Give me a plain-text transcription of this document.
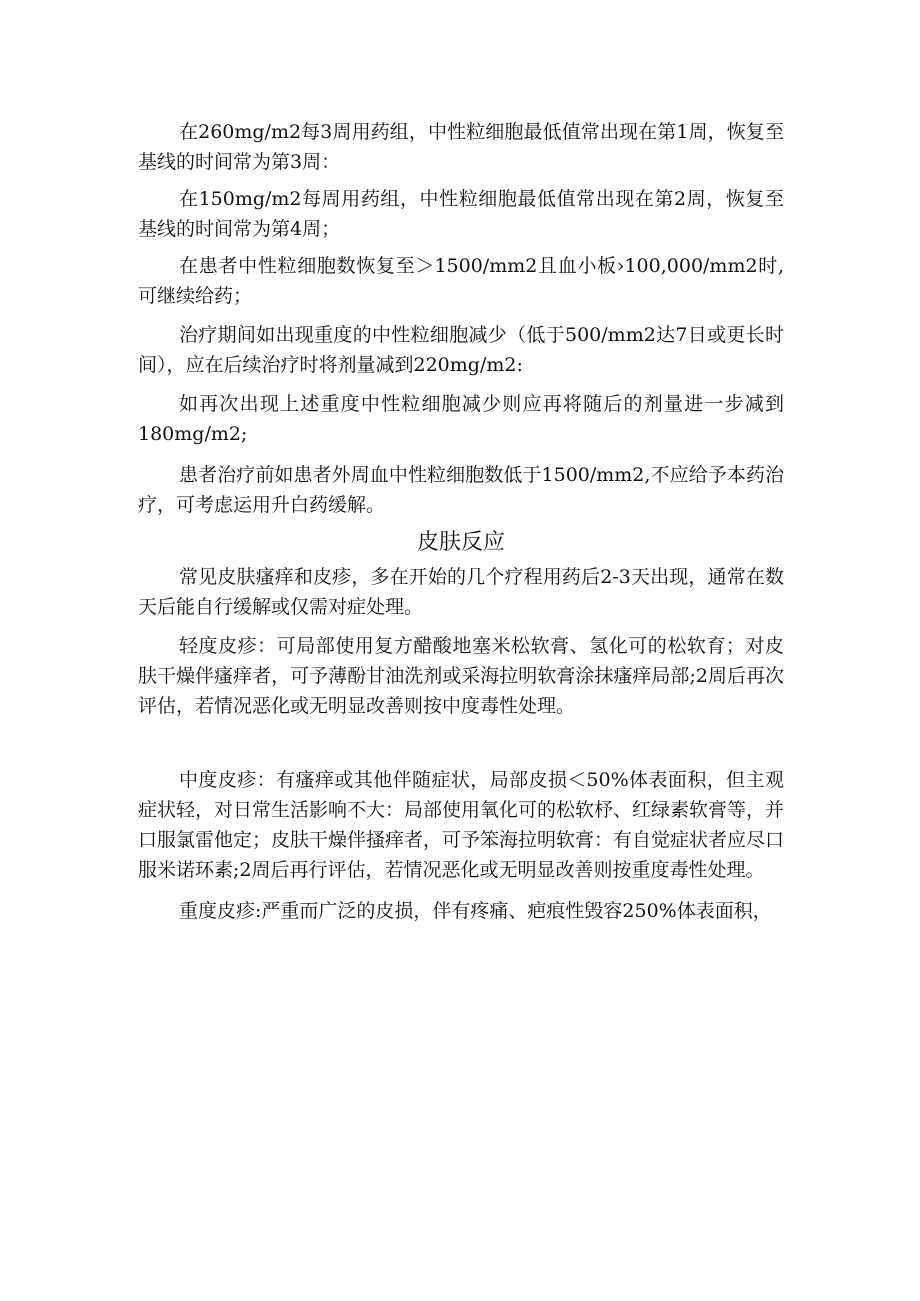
在260mg∕m2每3周用药组，中性粒细胞最低值常出现在第1周，恢复至基线的时间常为第3周：

在150mg∕m2每周用药组，中性粒细胞最低值常出现在第2周，恢复至基线的时间常为第4周；

在患者中性粒细胞数恢复至＞1500/mm2且血小板›100,000∕mm2时,可继续给药；

治疗期间如出现重度的中性粒细胞减少（低于500∕mm2达7日或更长时间），应在后续治疗时将剂量减到220mg∕m2:

如再次出现上述重度中性粒细胞减少则应再将随后的剂量进一步减到180mg∕m2;

患者治疗前如患者外周血中性粒细胞数低于1500∕mm2,不应给予本药治疗，可考虑运用升白药缓解。

皮肤反应

常见皮肤瘙痒和皮疹，多在开始的几个疗程用药后2-3天出现，通常在数天后能自行缓解或仅需对症处理。

轻度皮疹：可局部使用复方醋酸地塞米松软膏、氢化可的松软育；对皮肤干燥伴瘙痒者，可予薄酚甘油洗剂或采海拉明软膏涂抹瘙痒局部;2周后再次评估，若情况恶化或无明显改善则按中度毒性处理。

中度皮疹：有瘙痒或其他伴随症状，局部皮损＜50%体表面积，但主观症状轻，对日常生活影响不大：局部使用氧化可的松软杼、红绿素软膏等，并口服氯雷他定；皮肤干燥伴搔痒者，可予笨海拉明软膏：有自觉症状者应尽口服米诺环素;2周后再行评估，若情况恶化或无明显改善则按重度毒性处理。

重度皮疹:严重而广泛的皮损，伴有疼痛、疤痕性毁容250%体表面积，
